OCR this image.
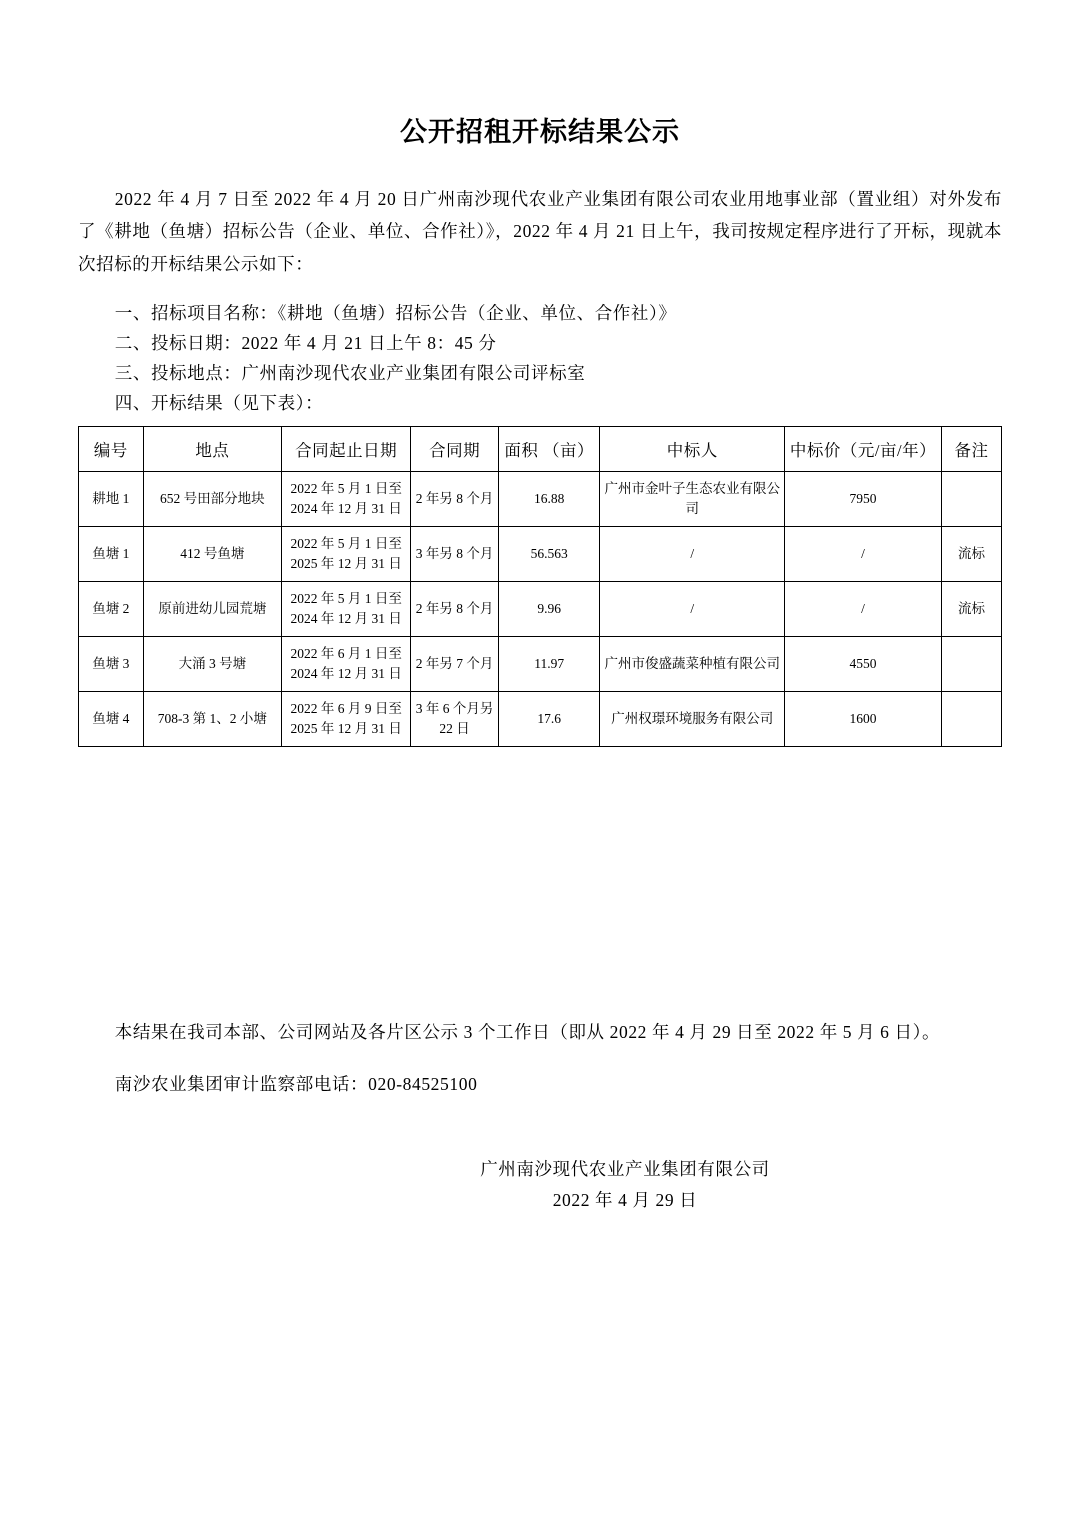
公开招租开标结果公示

2022 年 4 月 7 日至 2022 年 4 月 20 日广州南沙现代农业产业集团有限公司农业用地事业部（置业组）对外发布了《耕地（鱼塘）招标公告（企业、单位、合作社）》，2022 年 4 月 21 日上午，我司按规定程序进行了开标，现就本次招标的开标结果公示如下：

一、招标项目名称：《耕地（鱼塘）招标公告（企业、单位、合作社）》
二、投标日期：2022 年 4 月 21 日上午 8：45 分
三、投标地点：广州南沙现代农业产业集团有限公司评标室
四、开标结果（见下表）：
编号	地点	合同起止日期	合同期	面积 （亩）	中标人	中标价（元/亩/年）	备注
耕地 1	652 号田部分地块	2022 年 5 月 1 日至
2024 年 12 月 31 日	2 年另 8 个月	16.88	广州市金叶子生态农业有限公司	7950	
鱼塘 1	412 号鱼塘	2022 年 5 月 1 日至
2025 年 12 月 31 日	3 年另 8 个月	56.563	/	/	流标
鱼塘 2	原前进幼儿园荒塘	2022 年 5 月 1 日至
2024 年 12 月 31 日	2 年另 8 个月	9.96	/	/	流标
鱼塘 3	大涌 3 号塘	2022 年 6 月 1 日至
2024 年 12 月 31 日	2 年另 7 个月	11.97	广州市俊盛蔬菜种植有限公司	4550	
鱼塘 4	708-3 第 1、2 小塘	2022 年 6 月 9 日至
2025 年 12 月 31 日	3 年 6 个月另 22 日	17.6	广州权璟环境服务有限公司	1600	

本结果在我司本部、公司网站及各片区公示 3 个工作日（即从 2022 年 4 月 29 日至 2022 年 5 月 6 日）。

南沙农业集团审计监察部电话：020-84525100

广州南沙现代农业产业集团有限公司
2022 年 4 月 29 日
